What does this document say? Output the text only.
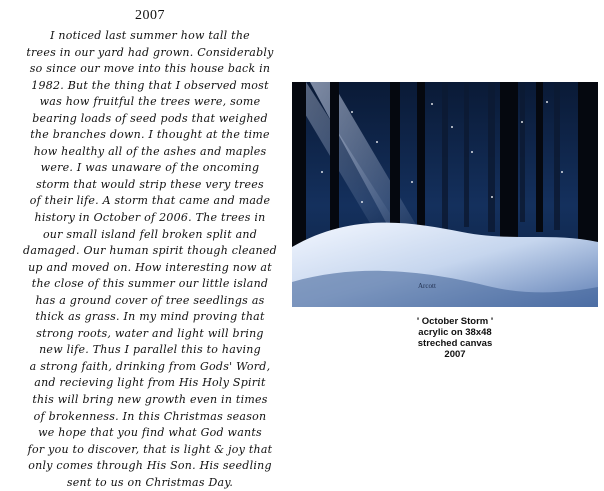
2007
I noticed last summer how tall the
trees in our yard had grown. Considerably
so since our move into this house back in
1982. But the thing that I observed most
was how fruitful the trees were, some
bearing loads of seed pods that weighed
the branches down. I thought at the time
how healthy all of the ashes and maples
were. I was unaware of the oncoming
storm that would strip these very trees
of their life. A storm that came and made
history in October of 2006. The trees in
our small island fell broken split and
damaged. Our human spirit though cleaned
up and moved on. How interesting now at
the close of this summer our little island
has a ground cover of tree seedlings as
thick as grass. In my mind proving that
strong roots, water and light will bring
new life. Thus I parallel this to having
a strong faith, drinking from Gods' Word,
and recieving light from His Holy Spirit
this will bring new growth even in times
of brokenness. In this Christmas season
we hope that you find what God wants
for you to discover, that is light & joy that
only comes through His Son. His seedling
sent to us on Christmas Day.
Arcott
' October Storm '
acrylic on 38x48
streched canvas
2007
